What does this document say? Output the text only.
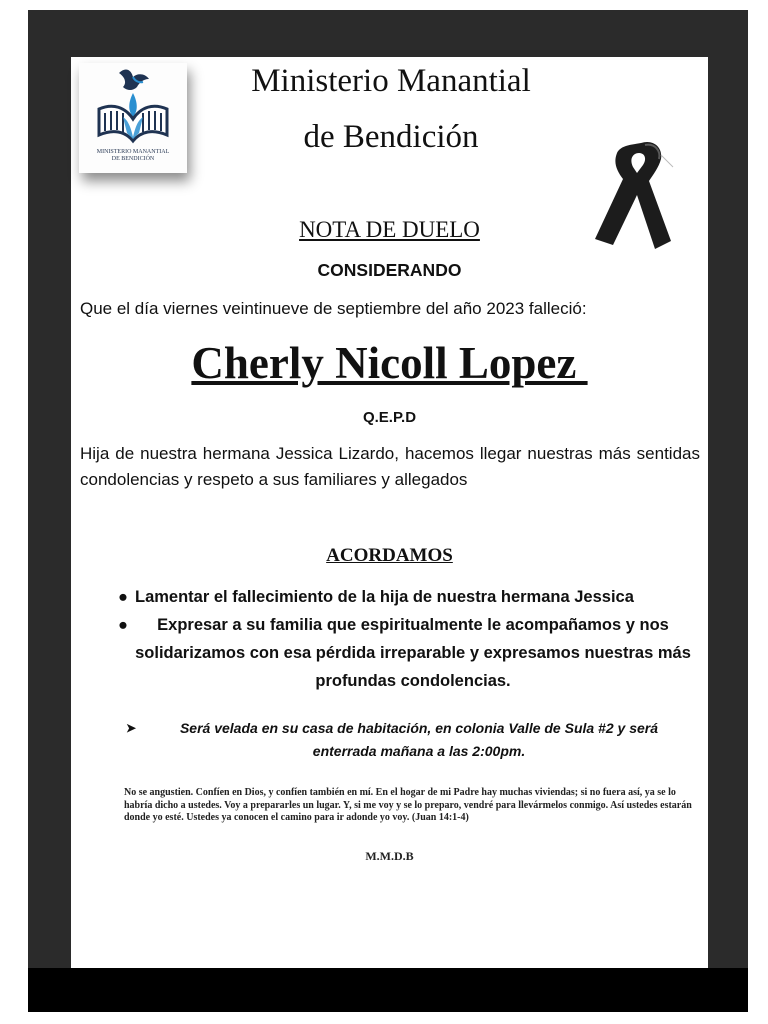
MINISTERIO MANANTIAL
DE BENDICIÓN
Ministerio Manantial
de Bendición
NOTA DE DUELO
CONSIDERANDO
Que el día viernes veintinueve de septiembre del año 2023 falleció:
Cherly Nicoll Lopez
Q.E.P.D
Hija de nuestra hermana Jessica Lizardo, hacemos llegar nuestras más sentidas condolencias y respeto a sus familiares y allegados
ACORDAMOS
● Lamentar el fallecimiento de la hija de nuestra hermana Jessica
●	Expresar a su familia que espiritualmente le acompañamos y nos solidarizamos con esa pérdida irreparable y expresamos nuestras más profundas condolencias.
➤	Será velada en su casa de habitación, en colonia Valle de Sula #2 y será enterrada mañana a las 2:00pm.
No se angustien. Confíen en Dios, y confíen también en mí. En el hogar de mi Padre hay muchas viviendas; si no fuera así, ya se lo habría dicho a ustedes. Voy a prepararles un lugar. Y, si me voy y se lo preparo, vendré para llevármelos conmigo. Así ustedes estarán donde yo esté. Ustedes ya conocen el camino para ir adonde yo voy. (Juan 14:1-4)
M.M.D.B
